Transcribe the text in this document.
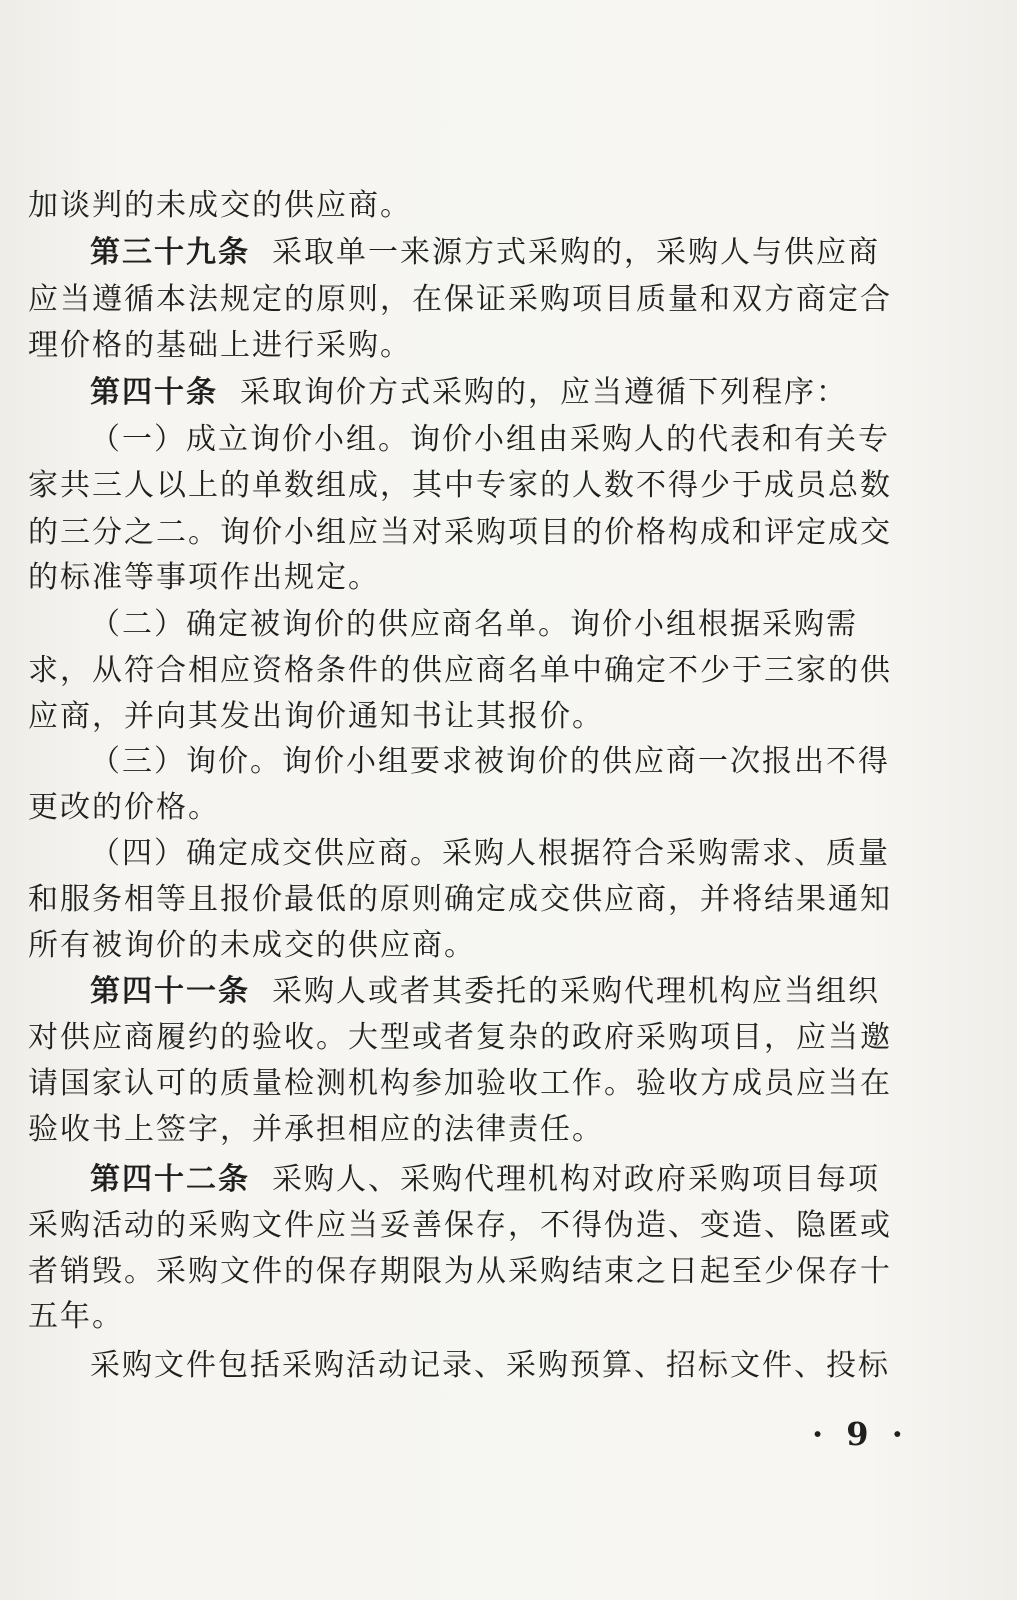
加谈判的未成交的供应商。
第三十九条 采取单一来源方式采购的，采购人与供应商
应当遵循本法规定的原则，在保证采购项目质量和双方商定合
理价格的基础上进行采购。
第四十条 采取询价方式采购的，应当遵循下列程序：
（一）成立询价小组。询价小组由采购人的代表和有关专
家共三人以上的单数组成，其中专家的人数不得少于成员总数
的三分之二。询价小组应当对采购项目的价格构成和评定成交
的标准等事项作出规定。
（二）确定被询价的供应商名单。询价小组根据采购需
求，从符合相应资格条件的供应商名单中确定不少于三家的供
应商，并向其发出询价通知书让其报价。
（三）询价。询价小组要求被询价的供应商一次报出不得
更改的价格。
（四）确定成交供应商。采购人根据符合采购需求、质量
和服务相等且报价最低的原则确定成交供应商，并将结果通知
所有被询价的未成交的供应商。
第四十一条 采购人或者其委托的采购代理机构应当组织
对供应商履约的验收。大型或者复杂的政府采购项目，应当邀
请国家认可的质量检测机构参加验收工作。验收方成员应当在
验收书上签字，并承担相应的法律责任。
第四十二条 采购人、采购代理机构对政府采购项目每项
采购活动的采购文件应当妥善保存，不得伪造、变造、隐匿或
者销毁。采购文件的保存期限为从采购结束之日起至少保存十
五年。
采购文件包括采购活动记录、采购预算、招标文件、投标
· 9 ·
